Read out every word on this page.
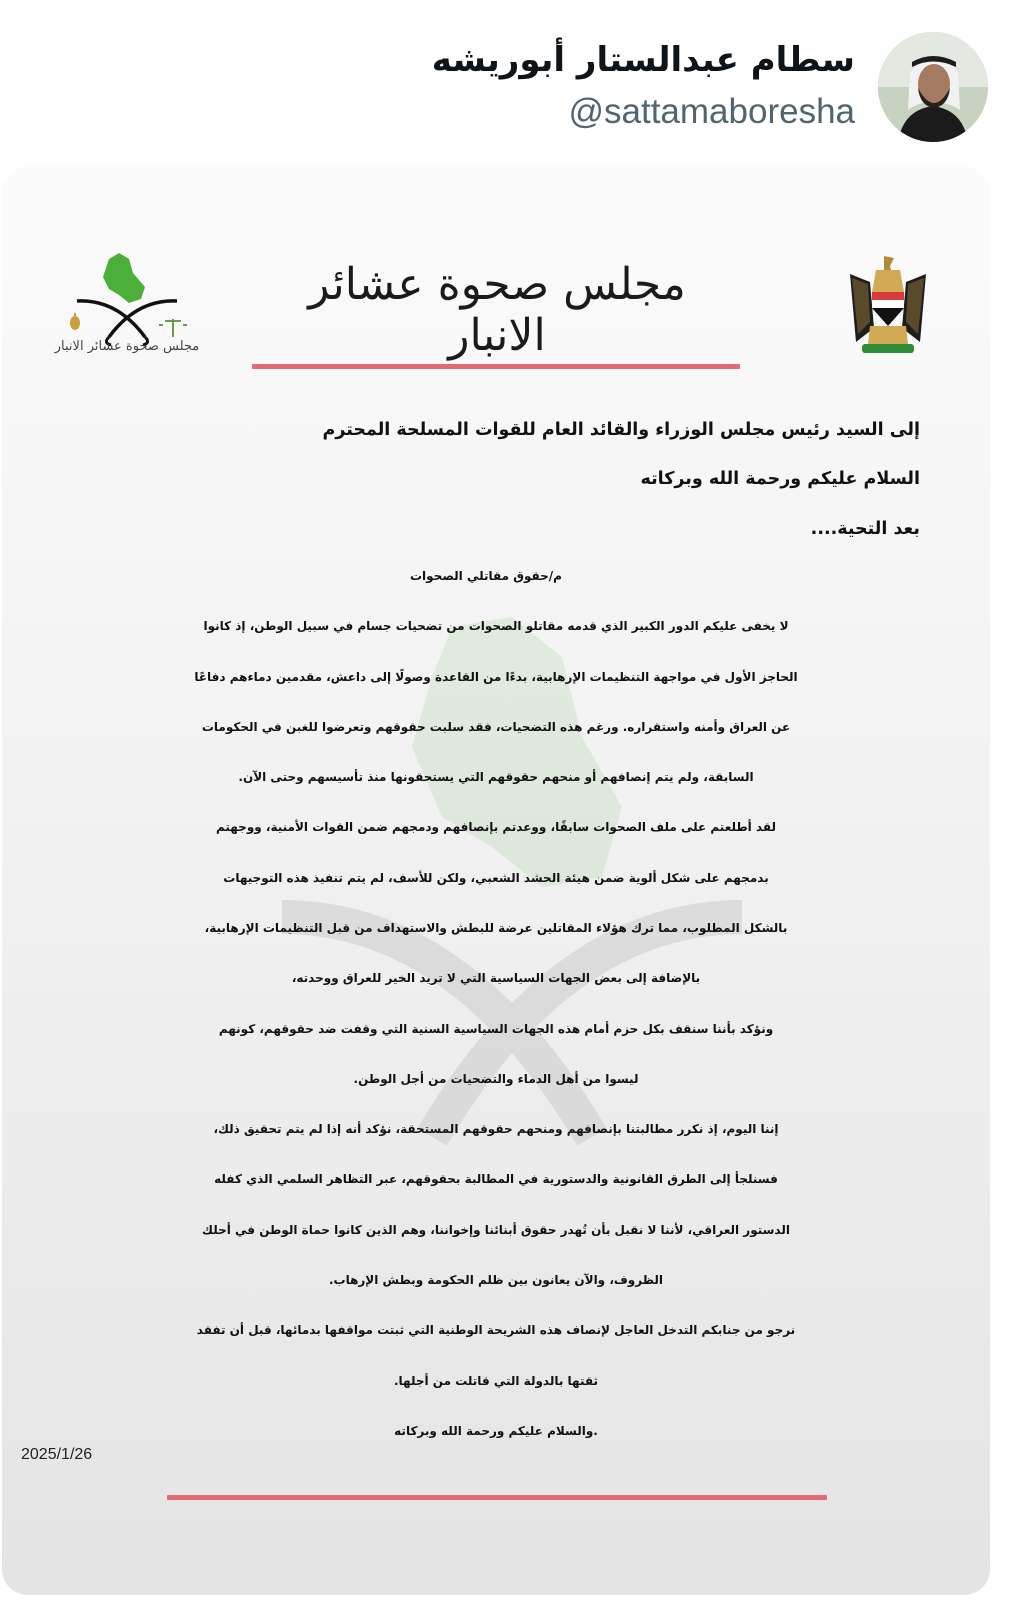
سطام عبدالستار أبوريشه
@sattamaboresha
مجلس صحوة عشائر الانبار
مجلس صحوة عشائر الانبار
إلى السيد رئيس مجلس الوزراء والقائد العام للقوات المسلحة المحترم
السلام عليكم ورحمة الله وبركاته
بعد التحية....
م/حقوق مقاتلي الصحوات
لا يخفى عليكم الدور الكبير الذي قدمه مقاتلو الصحوات من تضحيات جسام في سبيل الوطن، إذ كانوا
الحاجز الأول في مواجهة التنظيمات الإرهابية، بدءًا من القاعدة وصولًا إلى داعش، مقدمين دماءهم دفاعًا
عن العراق وأمنه واستقراره. ورغم هذه التضحيات، فقد سلبت حقوقهم وتعرضوا للغبن في الحكومات
السابقة، ولم يتم إنصافهم أو منحهم حقوقهم التي يستحقونها منذ تأسيسهم وحتى الآن.
لقد أطلعتم على ملف الصحوات سابقًا، ووعدتم بإنصافهم ودمجهم ضمن القوات الأمنية، ووجهتم
بدمجهم على شكل ألوية ضمن هيئة الحشد الشعبي، ولكن للأسف، لم يتم تنفيذ هذه التوجيهات
بالشكل المطلوب، مما ترك هؤلاء المقاتلين عرضة للبطش والاستهداف من قبل التنظيمات الإرهابية،
بالإضافة إلى بعض الجهات السياسية التي لا تريد الخير للعراق ووحدته،
ونؤكد بأننا سنقف بكل حزم أمام هذه الجهات السياسية السنية التي وقفت ضد حقوقهم، كونهم
ليسوا من أهل الدماء والتضحيات من أجل الوطن.
إننا اليوم، إذ نكرر مطالبتنا بإنصافهم ومنحهم حقوقهم المستحقة، نؤكد أنه إذا لم يتم تحقيق ذلك،
فسنلجأ إلى الطرق القانونية والدستورية في المطالبة بحقوقهم، عبر التظاهر السلمي الذي كفله
الدستور العراقي، لأننا لا نقبل بأن تُهدر حقوق أبنائنا وإخواننا، وهم الذين كانوا حماة الوطن في أحلك
الظروف، والآن يعانون بين ظلم الحكومة وبطش الإرهاب.
نرجو من جنابكم التدخل العاجل لإنصاف هذه الشريحة الوطنية التي ثبتت مواقفها بدمائها، قبل أن تفقد
ثقتها بالدولة التي قاتلت من أجلها.
.والسلام عليكم ورحمة الله وبركاته
2025/1/26
